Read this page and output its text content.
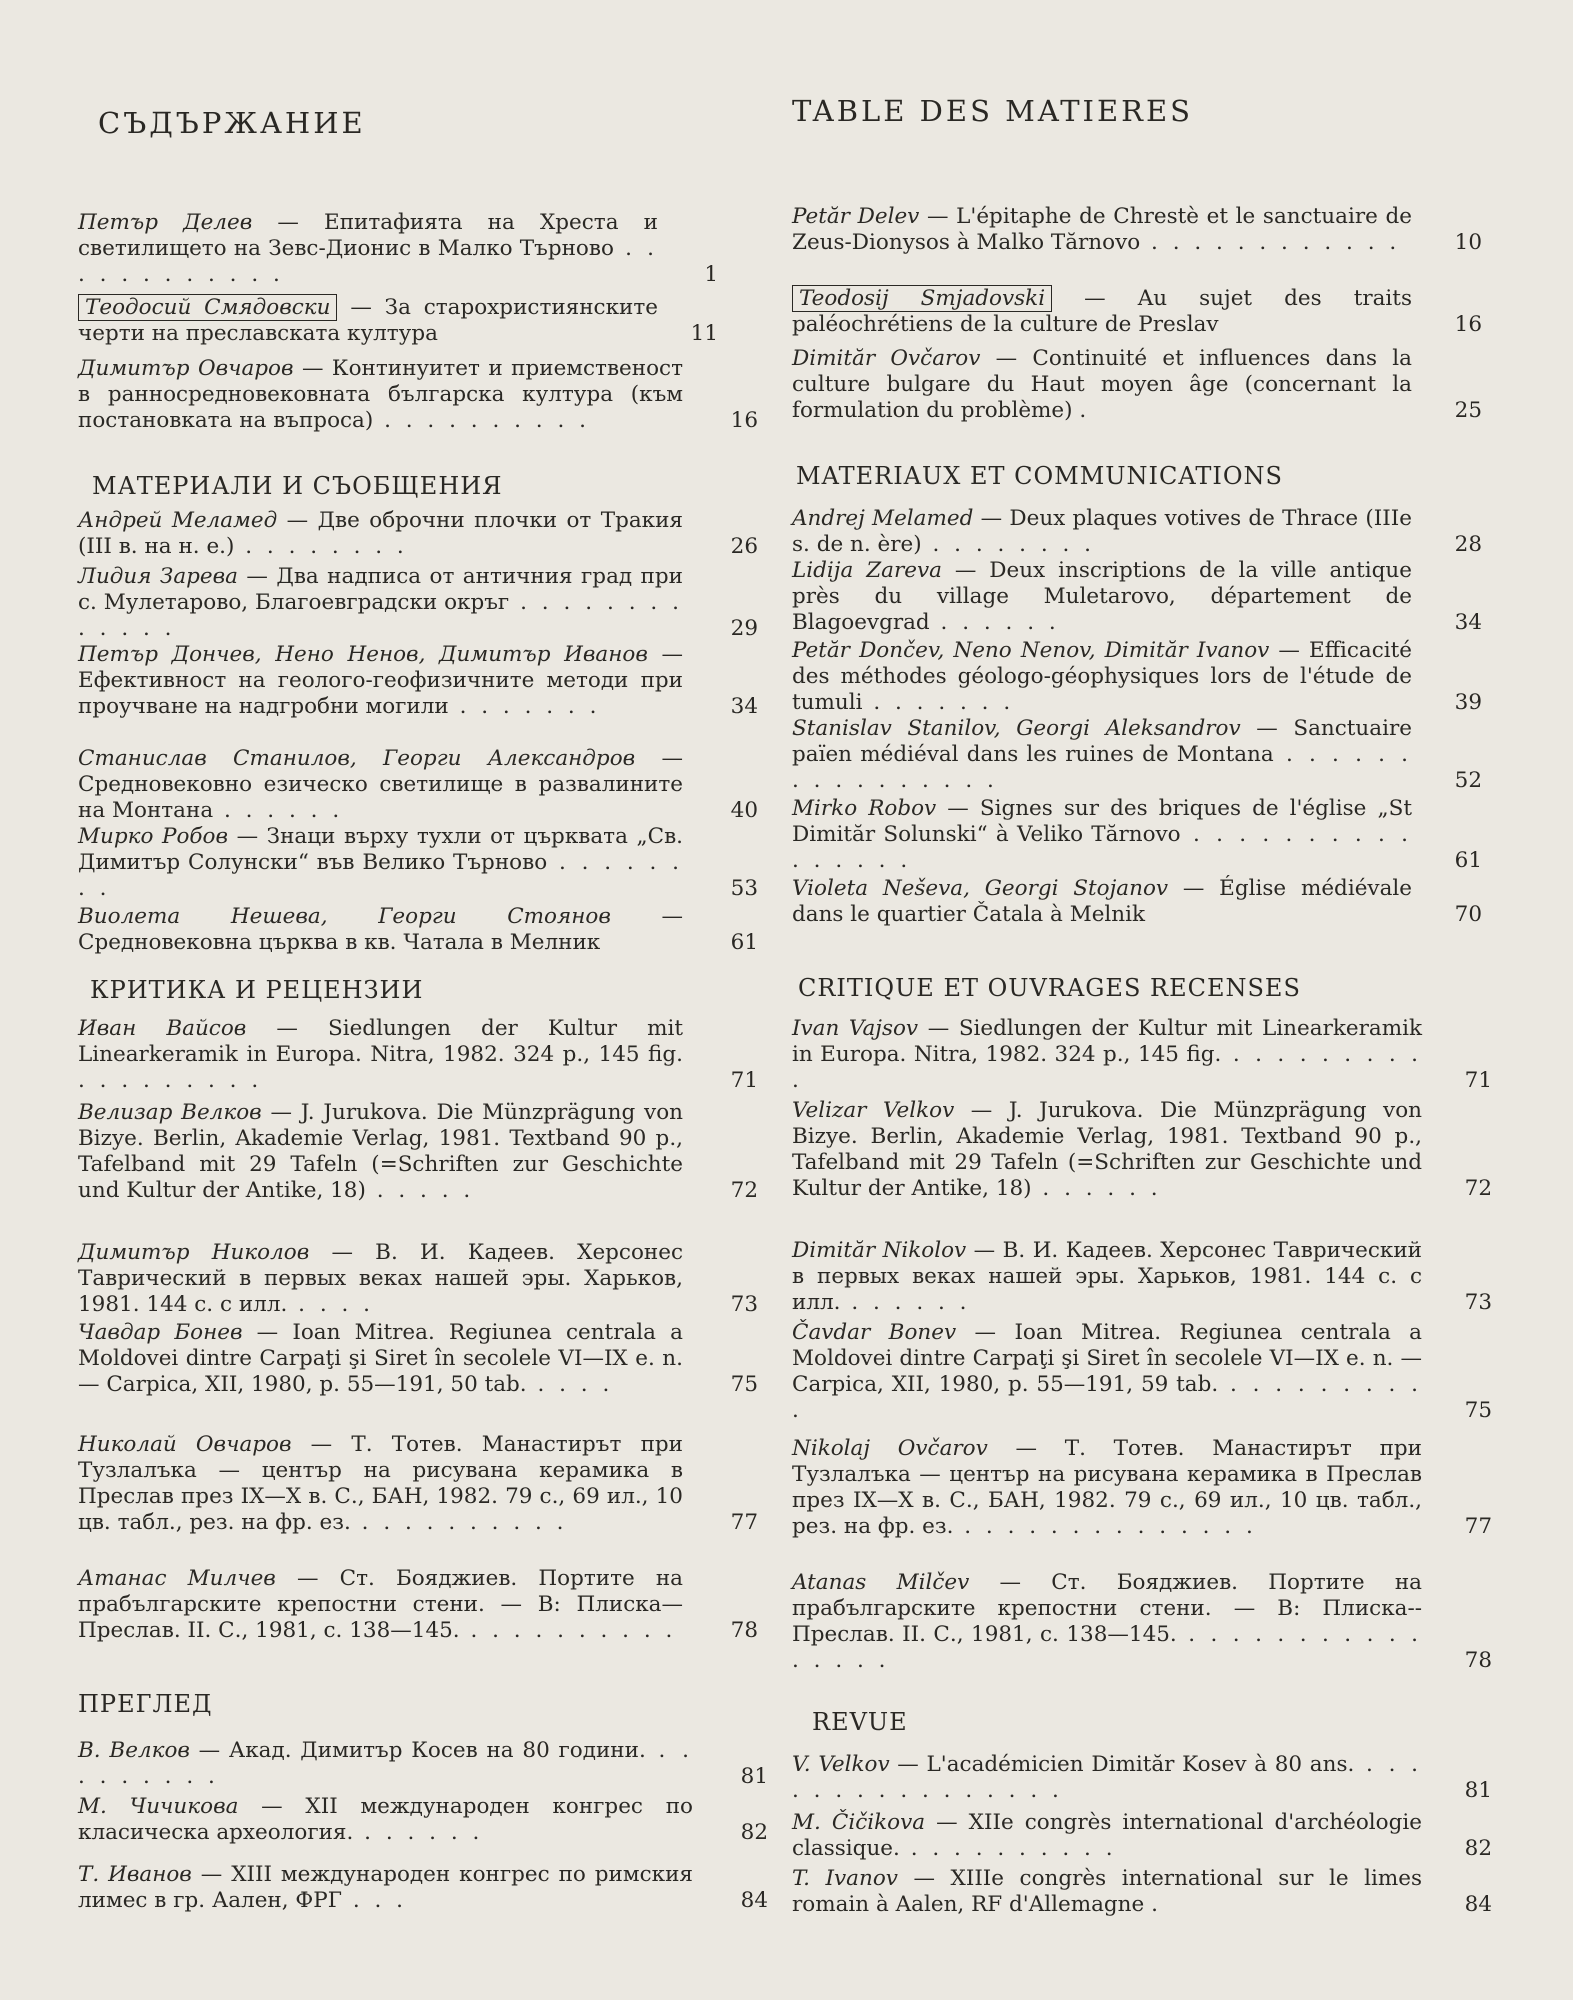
СЪДЪРЖАНИЕ
Петър Делев — Епитафията на Хреста и светилището на Зевс-Дионис в Малко Търново . . . . . . . . . . . .	1
Теодосий Смядовски — За старохристиянските черти на преславската култура	11
Димитър Овчаров — Континуитет и приемственост в ранносредновековната българска култура (към постановката на въпроса) . . . . . . . . . .	16
МАТЕРИАЛИ И СЪОБЩЕНИЯ
Андрей Меламед — Две оброчни плочки от Тракия (III в. на н. е.) . . . . . . . .	26
Лидия Зарева — Два надписа от античния град при с. Мулетарово, Благоевградски окръг . . . . . . . . . . . . .	29
Петър Дончев, Нено Ненов, Димитър Иванов — Ефективност на геолого-геофизичните методи при проучване на надгробни могили . . . . . . .	34
Станислав Станилов, Георги Александров — Средновековно езическо светилище в развалините на Монтана . . . . . .	40
Мирко Робов — Знаци върху тухли от църквата „Св. Димитър Солунски“ във Велико Търново . . . . . . . .	53
Виолета Нешева, Георги Стоянов — Средновековна църква в кв. Чатала в Мелник	61
КРИТИКА И РЕЦЕНЗИИ
Иван Вайсов — Siedlungen der Kultur mit Linearkeramik in Europa. Nitra, 1982. 324 p., 145 fig. . . . . . . . . .	71
Велизар Велков — J. Jurukova. Die Münzprägung von Bizye. Berlin, Akademie Verlag, 1981. Textband 90 p., Tafelband mit 29 Tafeln (=Schriften zur Geschichte und Kultur der Antike, 18) . . . . .	72
Димитър Николов — В. И. Кадеев. Херсонес Таврический в первых веках нашей эры. Харьков, 1981. 144 с. с илл. . . . .	73
Чавдар Бонев — Ioan Mitrea. Regiunea centrala a Moldovei dintre Carpaţi şi Siret în secolele VI—IX e. n. — Carpica, XII, 1980, p. 55—191, 50 tab. . . . .	75
Николай Овчаров — Т. Тотев. Манастирът при Тузлалъка — център на рисувана керамика в Преслав през IX—X в. С., БАН, 1982. 79 с., 69 ил., 10 цв. табл., рез. на фр. ез. . . . . . . . . . .	77
Атанас Милчев — Ст. Бояджиев. Портите на прабългарските крепостни стени. — В: Плиска—Преслав. II. С., 1981, с. 138—145. . . . . . . . . . .	78
ПРЕГЛЕД
В. Велков — Акад. Димитър Косев на 80 години. . . . . . . . . .	81
М. Чичикова — XII международен конгрес по класическа археология. . . . . . .	82
Т. Иванов — XIII международен конгрес по римския лимес в гр. Аален, ФРГ . . .	84
TABLE DES MATIERES
Petăr Delev — L'épitaphe de Chrestè et le sanctuaire de Zeus-Dionysos à Malko Tărnovo . . . . . . . . . . . .	10
Teodosij Smjadovski — Au sujet des traits paléochrétiens de la culture de Preslav	16
Dimităr Ovčarov — Continuité et influences dans la culture bulgare du Haut moyen âge (concernant la formulation du problème) .	25
MATERIAUX ET COMMUNICATIONS
Andrej Melamed — Deux plaques votives de Thrace (IIIe s. de n. ère) . . . . . . . .	28
Lidija Zareva — Deux inscriptions de la ville antique près du village Muletarovo, département de Blagoevgrad . . . . . .	34
Petăr Dončev, Neno Nenov, Dimităr Ivanov — Efficacité des méthodes géologo-géophysiques lors de l'étude de tumuli . . . . . . .	39
Stanislav Stanilov, Georgi Aleksandrov — Sanctuaire païen médiéval dans les ruines de Montana . . . . . . . . . . . . . . . .	52
Mirko Robov — Signes sur des briques de l'église „St Dimităr Solunski“ à Veliko Tărnovo . . . . . . . . . . . . . . . .	61
Violeta Neševa, Georgi Stojanov — Église médiévale dans le quartier Čatala à Melnik	70
CRITIQUE ET OUVRAGES RECENSES
Ivan Vajsov — Siedlungen der Kultur mit Linearkeramik in Europa. Nitra, 1982. 324 p., 145 fig. . . . . . . . . . .	71
Velizar Velkov — J. Jurukova. Die Münzprägung von Bizye. Berlin, Akademie Verlag, 1981. Textband 90 p., Tafelband mit 29 Tafeln (=Schriften zur Geschichte und Kultur der Antike, 18) . . . . . .	72
Dimităr Nikolov — В. И. Кадеев. Херсонес Таврический в первых веках нашей эры. Харьков, 1981. 144 с. с илл. . . . . . .	73
Čavdar Bonev — Ioan Mitrea. Regiunea centrala a Moldovei dintre Carpaţi şi Siret în secolele VI—IX e. n. — Carpica, XII, 1980, p. 55—191, 59 tab. . . . . . . . . . .	75
Nikolaj Ovčarov — Т. Тотев. Манастирът при Тузлалъка — център на рисувана керамика в Преслав през IX—X в. С., БАН, 1982. 79 с., 69 ил., 10 цв. табл., рез. на фр. ез. . . . . . . . . . . . . . .	77
Atanas Milčev — Ст. Бояджиев. Портите на прабългарските крепостни стени. — В: Плиска--Преслав. II. С., 1981, с. 138—145. . . . . . . . . . . . . . . . .	78
REVUE
V. Velkov — L'académicien Dimităr Kosev à 80 ans. . . . . . . . . . . . . . . . .	81
M. Čičikova — XIIe congrès international d'archéologie classique. . . . . . . . . . .	82
T. Ivanov — XIIIe congrès international sur le limes romain à Aalen, RF d'Allemagne .	84
